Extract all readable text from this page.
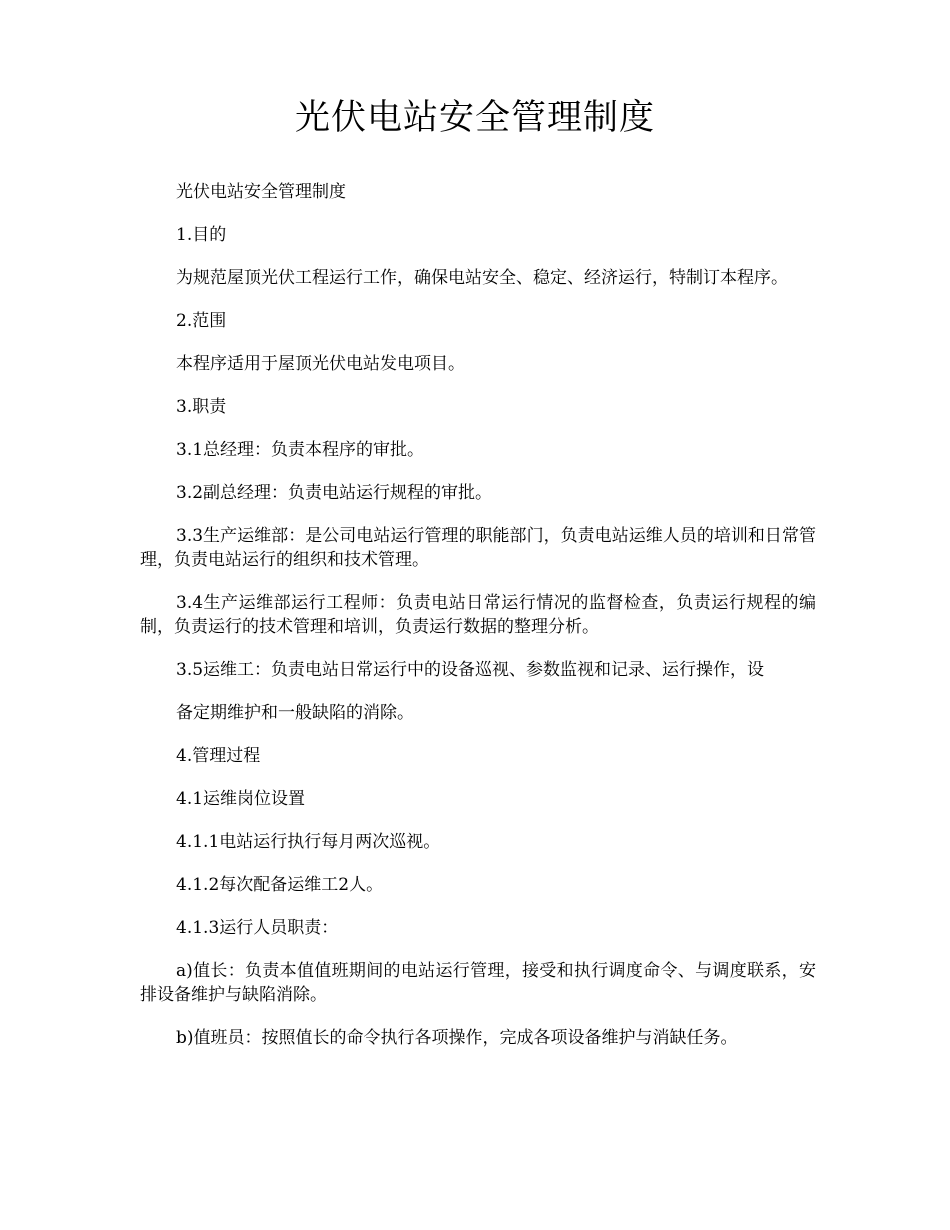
光伏电站安全管理制度

光伏电站安全管理制度

1.目的

为规范屋顶光伏工程运行工作，确保电站安全、稳定、经济运行，特制订本程序。

2.范围

本程序适用于屋顶光伏电站发电项目。

3.职责

3.1总经理：负责本程序的审批。

3.2副总经理：负责电站运行规程的审批。

3.3生产运维部：是公司电站运行管理的职能部门，负责电站运维人员的培训和日常管理，负责电站运行的组织和技术管理。

3.4生产运维部运行工程师：负责电站日常运行情况的监督检查，负责运行规程的编制，负责运行的技术管理和培训，负责运行数据的整理分析。

3.5运维工：负责电站日常运行中的设备巡视、参数监视和记录、运行操作，设

备定期维护和一般缺陷的消除。

4.管理过程

4.1运维岗位设置

4.1.1电站运行执行每月两次巡视。

4.1.2每次配备运维工2人。

4.1.3运行人员职责：

a)值长：负责本值值班期间的电站运行管理，接受和执行调度命令、与调度联系，安排设备维护与缺陷消除。

b)值班员：按照值长的命令执行各项操作，完成各项设备维护与消缺任务。
